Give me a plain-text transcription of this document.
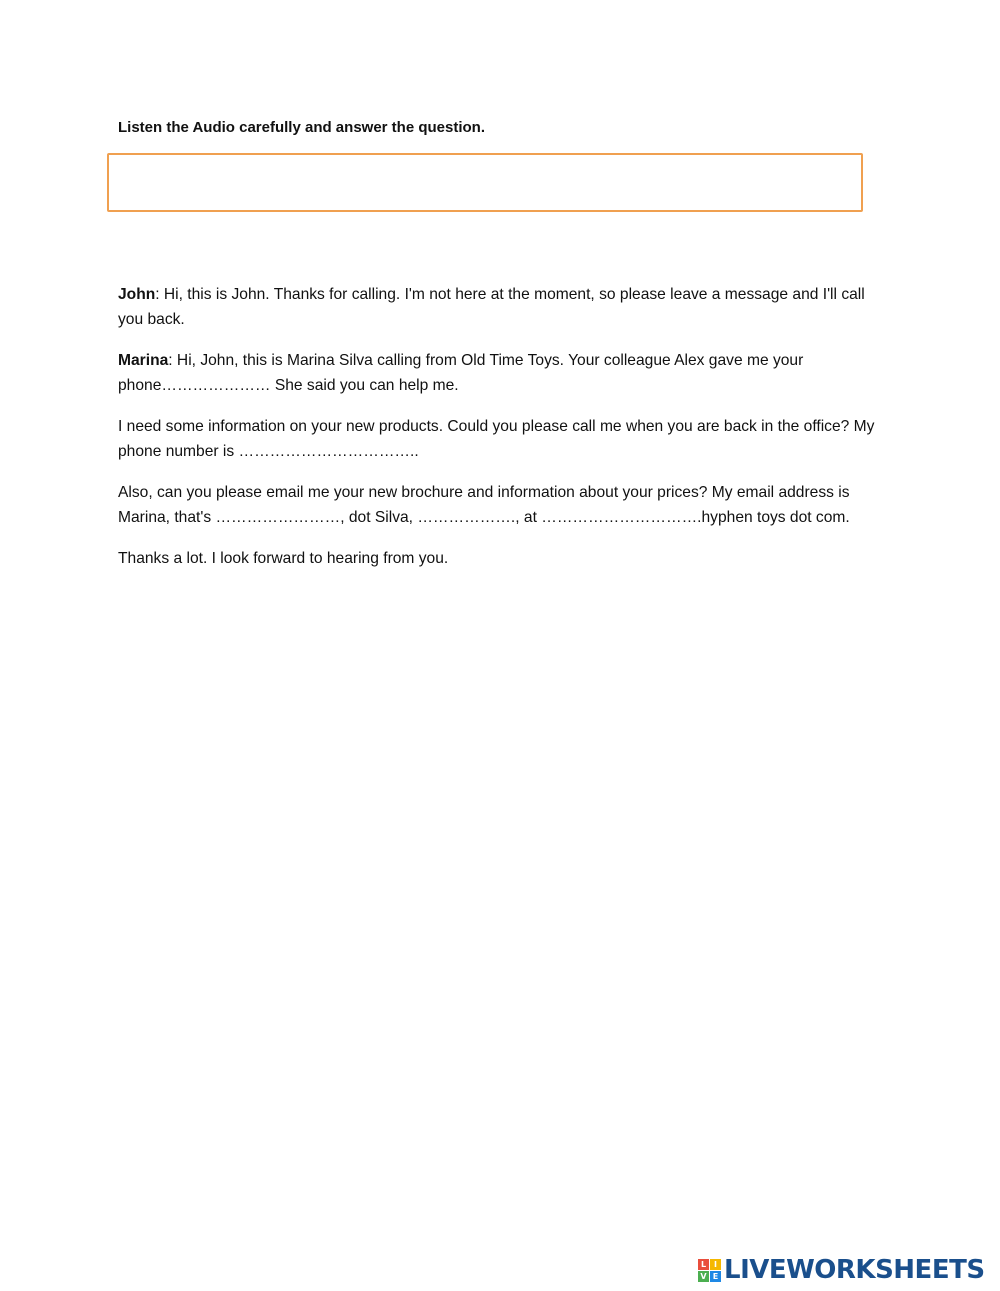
Listen the Audio carefully and answer the question.

John: Hi, this is John. Thanks for calling. I'm not here at the moment, so please leave a message and I'll call you back.

Marina: Hi, John, this is Marina Silva calling from Old Time Toys. Your colleague Alex gave me your phone………………… She said you can help me.

I need some information on your new products. Could you please call me when you are back in the office? My phone number is ……………………………..

Also, can you please email me your new brochure and information about your prices? My email address is Marina, that's ……………………, dot Silva, ………………., at ………………………….hyphen toys dot com.

Thanks a lot. I look forward to hearing from you.

L I
V E LIVEWORKSHEETS
